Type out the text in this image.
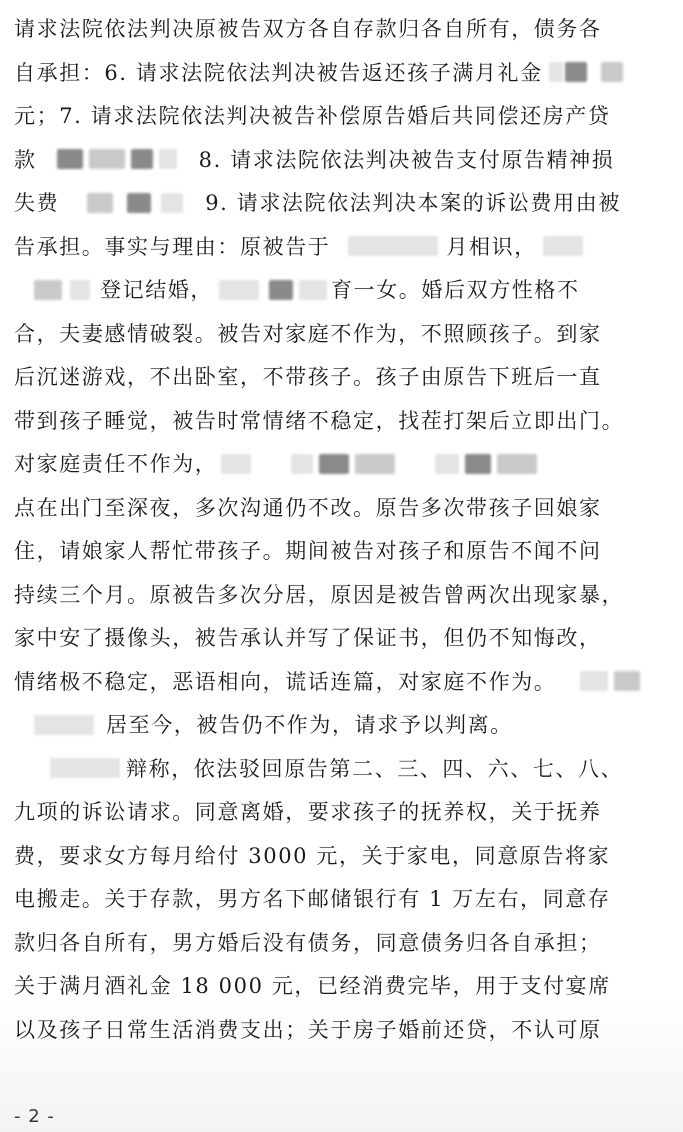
请求法院依法判决原被告双方各自存款归各自所有，债务各
自承担：6. 请求法院依法判决被告返还孩子满月礼金
元；7. 请求法院依法判决被告补偿原告婚后共同偿还房产贷
款	8. 请求法院依法判决被告支付原告精神损
失费	9. 请求法院依法判决本案的诉讼费用由被
告承担。事实与理由：原被告于	月相识，
登记结婚，	育一女。婚后双方性格不
合，夫妻感情破裂。被告对家庭不作为，不照顾孩子。到家
后沉迷游戏，不出卧室，不带孩子。孩子由原告下班后一直
带到孩子睡觉，被告时常情绪不稳定，找茬打架后立即出门。
对家庭责任不作为，
点在出门至深夜，多次沟通仍不改。原告多次带孩子回娘家
住，请娘家人帮忙带孩子。期间被告对孩子和原告不闻不问
持续三个月。原被告多次分居，原因是被告曾两次出现家暴，
家中安了摄像头，被告承认并写了保证书，但仍不知悔改，
情绪极不稳定，恶语相向，谎话连篇，对家庭不作为。
居至今，被告仍不作为，请求予以判离。
辩称，依法驳回原告第二、三、四、六、七、八、
九项的诉讼请求。同意离婚，要求孩子的抚养权，关于抚养
费，要求女方每月给付 3000 元，关于家电，同意原告将家
电搬走。关于存款，男方名下邮储银行有 1 万左右，同意存
款归各自所有，男方婚后没有债务，同意债务归各自承担；
关于满月酒礼金 18 000 元，已经消费完毕，用于支付宴席
以及孩子日常生活消费支出；关于房子婚前还贷，不认可原
- 2 -
